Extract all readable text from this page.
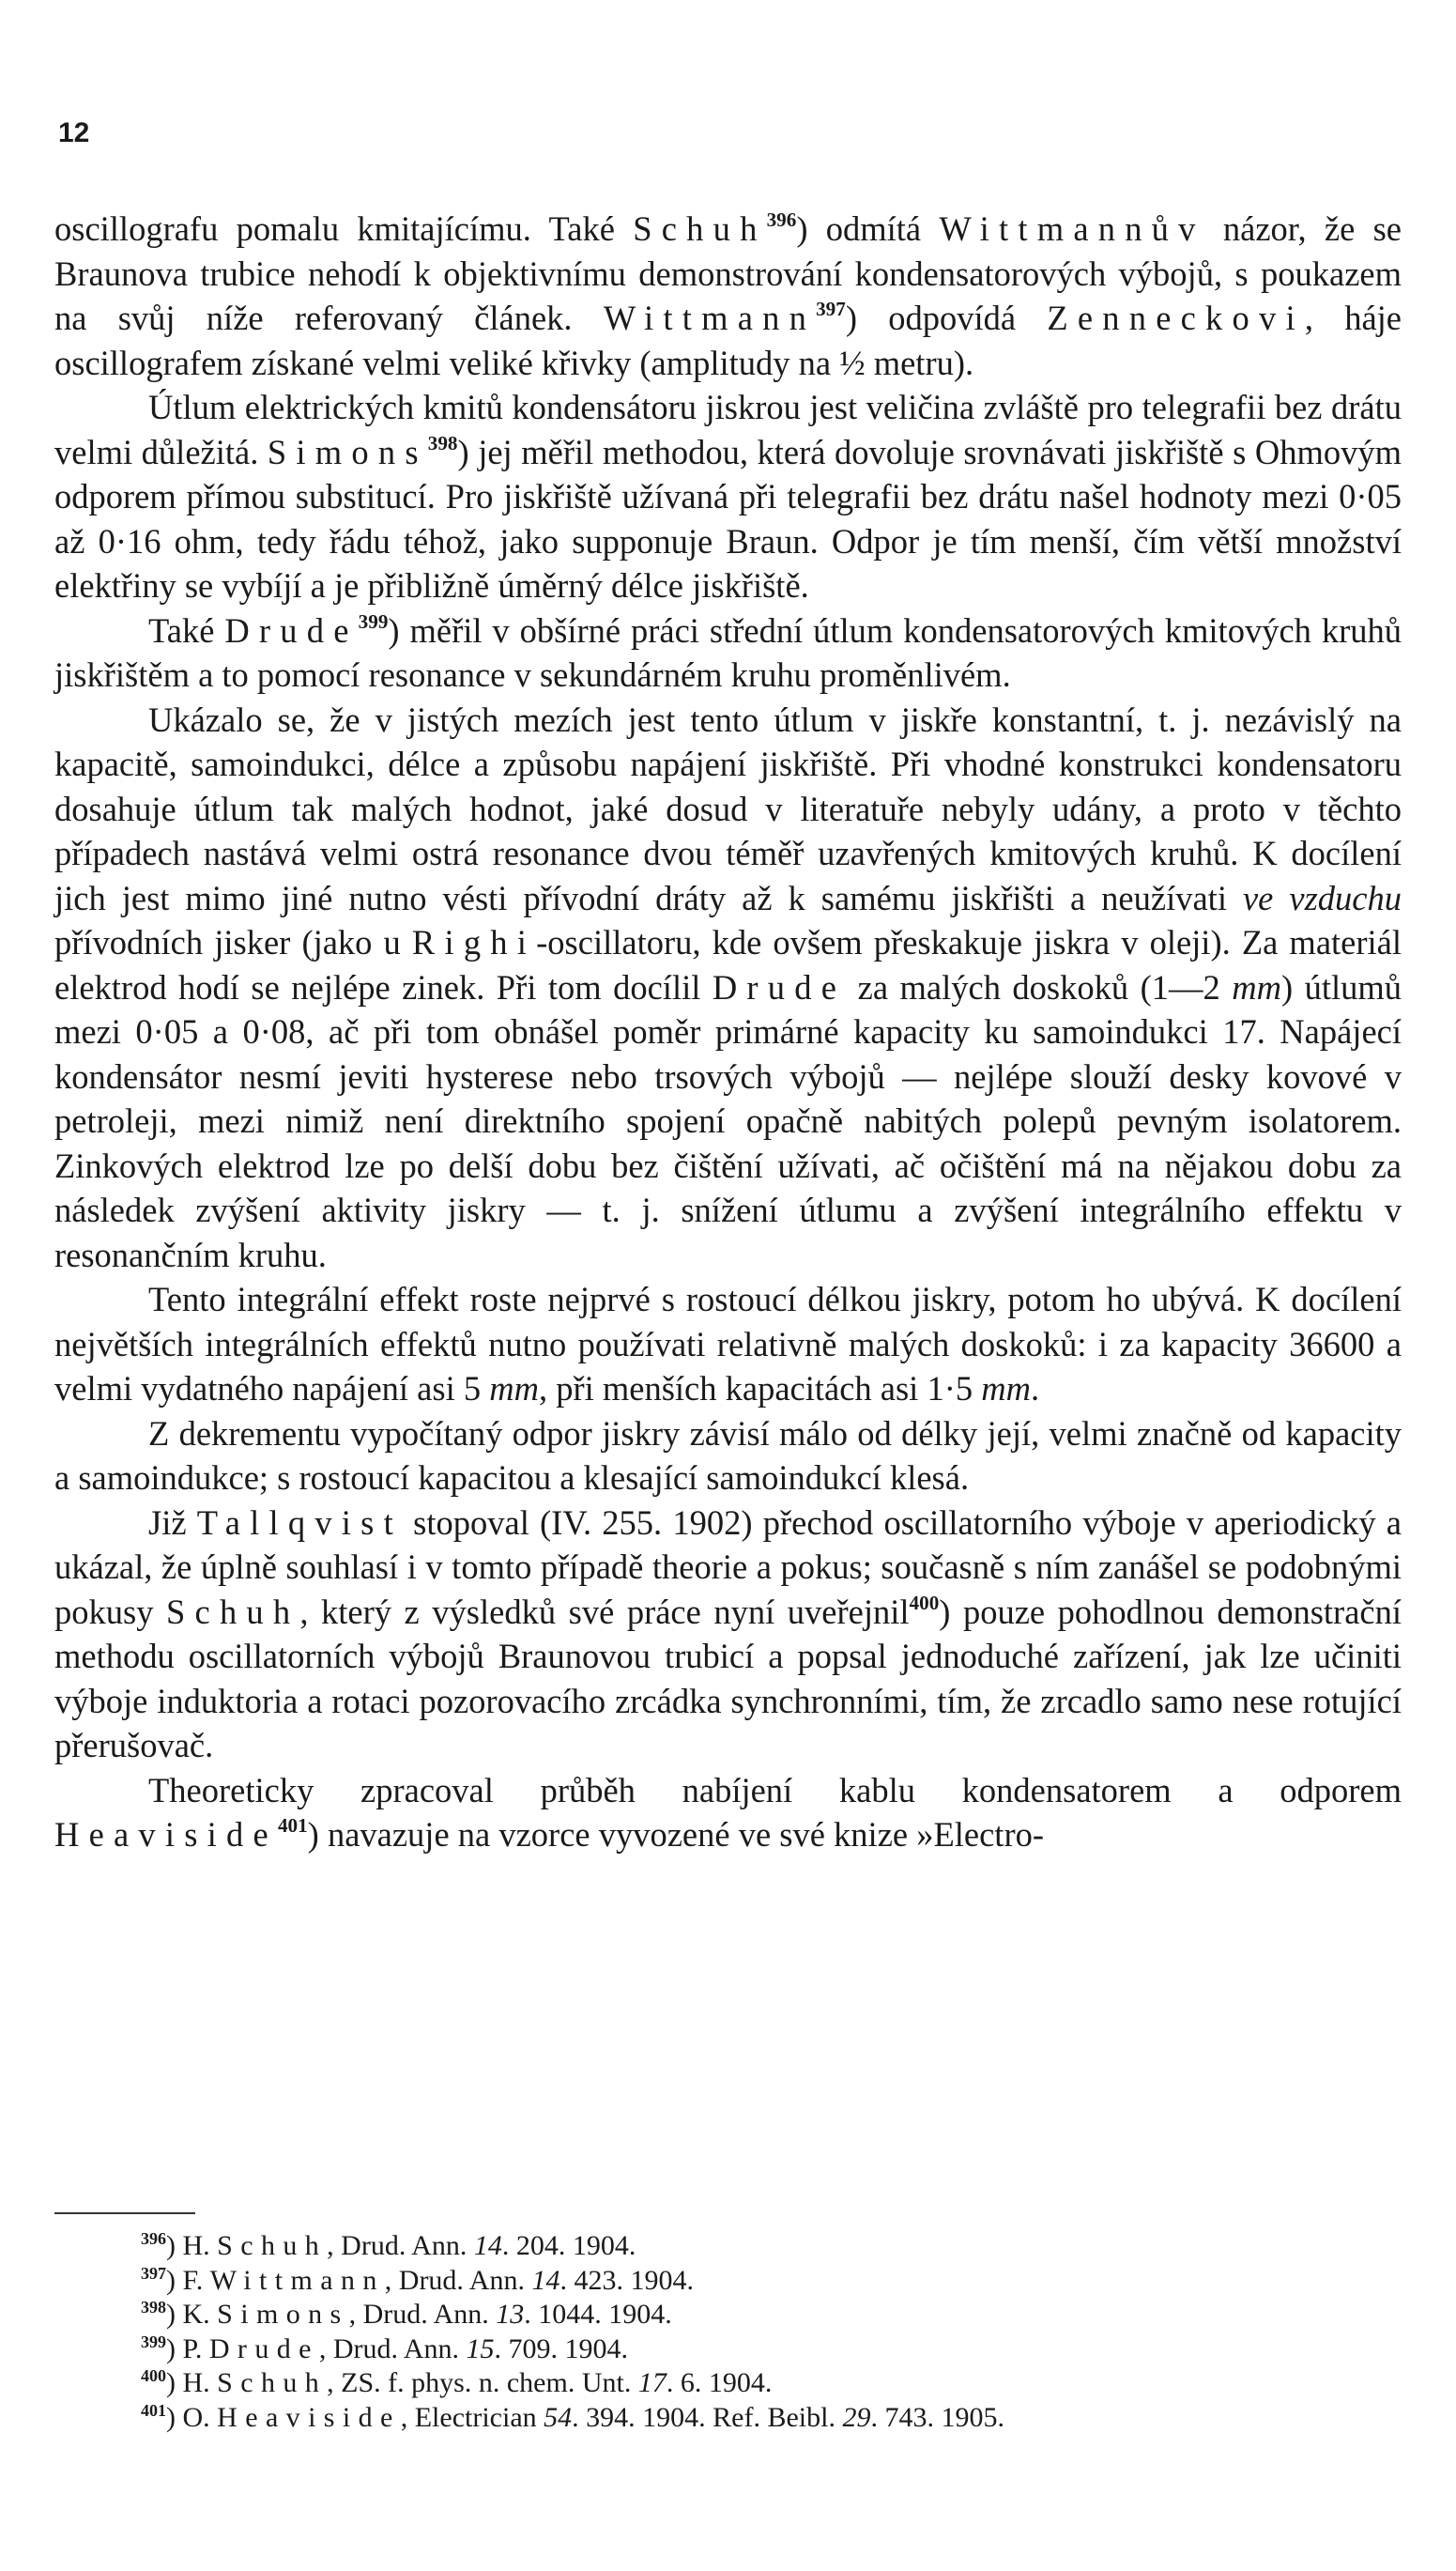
12

oscillografu pomalu kmitajícímu. Také Schuh$^{396}$) odmítá Wittmannův názor, že se Braunova trubice nehodí k objektivnímu demonstrování kondensatorových výbojů, s poukazem na svůj níže referovaný článek. Wittmann$^{397}$) odpovídá Zenneckovi, háje oscillografem získané velmi veliké křivky (amplitudy na ½ metru).

Útlum elektrických kmitů kondensátoru jiskrou jest veličina zvláště pro telegrafii bez drátu velmi důležitá. Simons$^{398}$) jej měřil methodou, která dovoluje srovnávati jiskřiště s Ohmovým odporem přímou substitucí. Pro jiskřiště užívaná při telegrafii bez drátu našel hodnoty mezi 0·05 až 0·16 ohm, tedy řádu téhož, jako supponuje Braun. Odpor je tím menší, čím větší množství elektřiny se vybíjí a je přibližně úměrný délce jiskřiště.

Také Drude$^{399}$) měřil v obšírné práci střední útlum kondensatorových kmitových kruhů jiskřištěm a to pomocí resonance v sekundárném kruhu proměnlivém.

Ukázalo se, že v jistých mezích jest tento útlum v jiskře konstantní, t. j. nezávislý na kapacitě, samoindukci, délce a způsobu napájení jiskřiště. Při vhodné konstrukci kondensatoru dosahuje útlum tak malých hodnot, jaké dosud v literatuře nebyly udány, a proto v těchto případech nastává velmi ostrá resonance dvou téměř uzavřených kmitových kruhů. K docílení jich jest mimo jiné nutno vésti přívodní dráty až k samému jiskřišti a neužívati ve vzduchu přívodních jisker (jako u Righi-oscillatoru, kde ovšem přeskakuje jiskra v oleji). Za materiál elektrod hodí se nejlépe zinek. Při tom docílil Drude za malých doskoků (1—2 mm) útlumů mezi 0·05 a 0·08, ač při tom obnášel poměr primárné kapacity ku samoindukci 17. Napájecí kondensátor nesmí jeviti hysterese nebo trsových výbojů — nejlépe slouží desky kovové v petroleji, mezi nimiž není direktního spojení opačně nabitých polepů pevným isolatorem. Zinkových elektrod lze po delší dobu bez čištění užívati, ač očištění má na nějakou dobu za následek zvýšení aktivity jiskry — t. j. snížení útlumu a zvýšení integrálního effektu v resonančním kruhu.

Tento integrální effekt roste nejprvé s rostoucí délkou jiskry, potom ho ubývá. K docílení největších integrálních effektů nutno používati relativně malých doskoků: i za kapacity 36600 a velmi vydatného napájení asi 5 mm, při menších kapacitách asi 1·5 mm.

Z dekrementu vypočítaný odpor jiskry závisí málo od délky její, velmi značně od kapacity a samoindukce; s rostoucí kapacitou a klesající samoindukcí klesá.

Již Tallqvist stopoval (IV. 255. 1902) přechod oscillatorního výboje v aperiodický a ukázal, že úplně souhlasí i v tomto případě theorie a pokus; současně s ním zanášel se podobnými pokusy Schuh, který z výsledků své práce nyní uveřejnil$^{400}$) pouze pohodlnou demonstrační methodu oscillatorních výbojů Braunovou trubicí a popsal jednoduché zařízení, jak lze učiniti výboje induktoria a rotaci pozorovacího zrcádka synchronními, tím, že zrcadlo samo nese rotující přerušovač.

Theoreticky zpracoval průběh nabíjení kablu kondensatorem a odporem Heaviside$^{401}$) navazuje na vzorce vyvozené ve své knize »Electro-

$^{396}$) H. Schuh, Drud. Ann. 14. 204. 1904.
$^{397}$) F. Wittmann, Drud. Ann. 14. 423. 1904.
$^{398}$) K. Simons, Drud. Ann. 13. 1044. 1904.
$^{399}$) P. Drude, Drud. Ann. 15. 709. 1904.
$^{400}$) H. Schuh, ZS. f. phys. n. chem. Unt. 17. 6. 1904.
$^{401}$) O. Heaviside, Electrician 54. 394. 1904. Ref. Beibl. 29. 743. 1905.
